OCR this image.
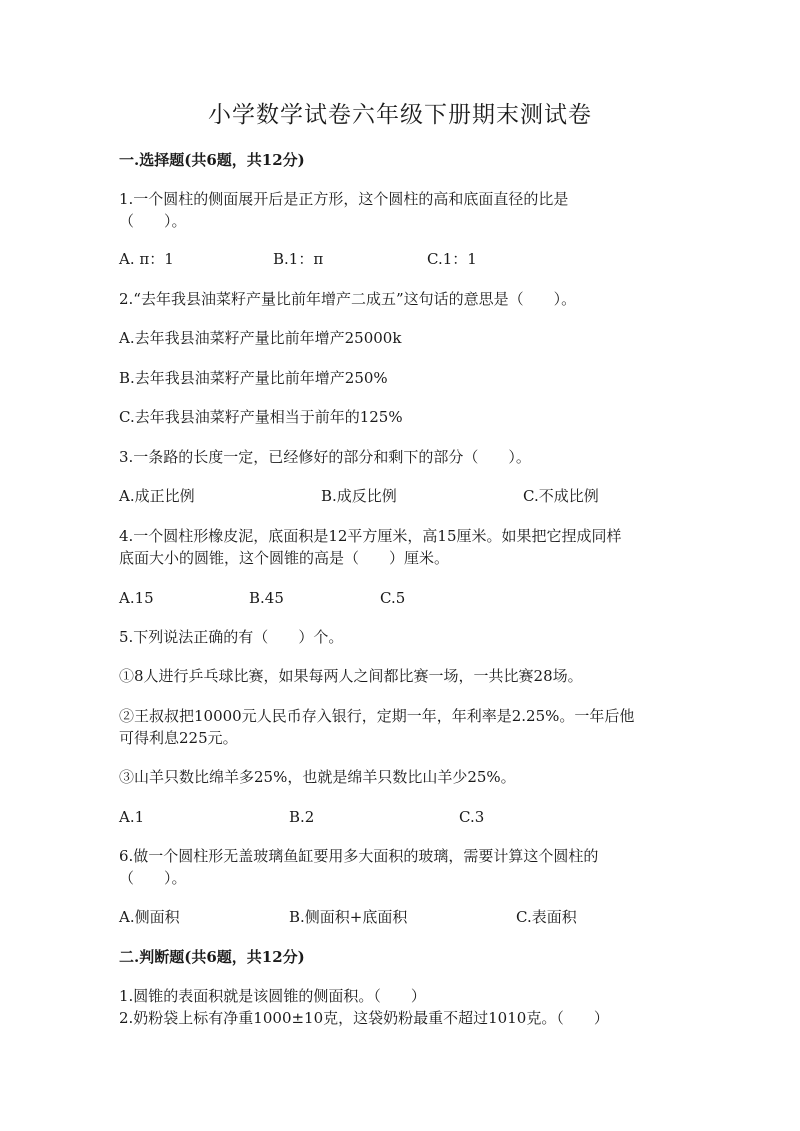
小学数学试卷六年级下册期末测试卷
一.选择题(共6题，共12分)
1.一个圆柱的侧面展开后是正方形，这个圆柱的高和底面直径的比是
（　　）。
A. π：1	B.1：π	C.1：1
2.“去年我县油菜籽产量比前年增产二成五”这句话的意思是（　　）。
A.去年我县油菜籽产量比前年增产25000k
B.去年我县油菜籽产量比前年增产250%
C.去年我县油菜籽产量相当于前年的125%
3.一条路的长度一定，已经修好的部分和剩下的部分（　　）。
A.成正比例	B.成反比例	C.不成比例
4.一个圆柱形橡皮泥，底面积是12平方厘米，高15厘米。如果把它捏成同样
底面大小的圆锥，这个圆锥的高是（　　）厘米。
A.15	B.45	C.5
5.下列说法正确的有（　　）个。
①8人进行乒乓球比赛，如果每两人之间都比赛一场，一共比赛28场。
②王叔叔把10000元人民币存入银行，定期一年，年利率是2.25%。一年后他
可得利息225元。
③山羊只数比绵羊多25%，也就是绵羊只数比山羊少25%。
A.1	B.2	C.3
6.做一个圆柱形无盖玻璃鱼缸要用多大面积的玻璃，需要计算这个圆柱的
（　　）。
A.侧面积	B.侧面积+底面积	C.表面积
二.判断题(共6题，共12分)
1.圆锥的表面积就是该圆锥的侧面积。（　　）
2.奶粉袋上标有净重1000±10克，这袋奶粉最重不超过1010克。（　　）
